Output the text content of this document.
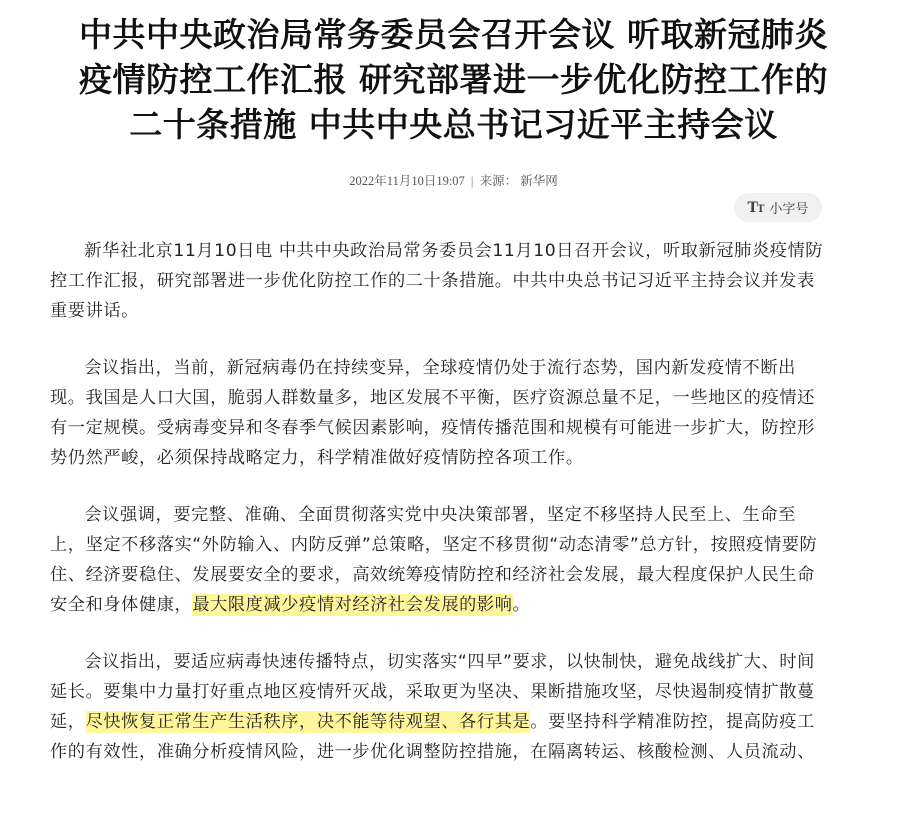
中共中央政治局常务委员会召开会议 听取新冠肺炎
疫情防控工作汇报 研究部署进一步优化防控工作的
二十条措施 中共中央总书记习近平主持会议
2022年11月10日19:07 | 来源： 新华网
TT 小字号

新华社北京11月10日电 中共中央政治局常务委员会11月10日召开会议，听取新冠肺炎疫情防
控工作汇报，研究部署进一步优化防控工作的二十条措施。中共中央总书记习近平主持会议并发表
重要讲话。

会议指出，当前，新冠病毒仍在持续变异，全球疫情仍处于流行态势，国内新发疫情不断出
现。我国是人口大国，脆弱人群数量多，地区发展不平衡，医疗资源总量不足，一些地区的疫情还
有一定规模。受病毒变异和冬春季气候因素影响，疫情传播范围和规模有可能进一步扩大，防控形
势仍然严峻，必须保持战略定力，科学精准做好疫情防控各项工作。

会议强调，要完整、准确、全面贯彻落实党中央决策部署，坚定不移坚持人民至上、生命至
上，坚定不移落实“外防输入、内防反弹”总策略，坚定不移贯彻“动态清零”总方针，按照疫情要防
住、经济要稳住、发展要安全的要求，高效统筹疫情防控和经济社会发展，最大程度保护人民生命
安全和身体健康，最大限度减少疫情对经济社会发展的影响。

会议指出，要适应病毒快速传播特点，切实落实“四早”要求，以快制快，避免战线扩大、时间
延长。要集中力量打好重点地区疫情歼灭战，采取更为坚决、果断措施攻坚，尽快遏制疫情扩散蔓
延，尽快恢复正常生产生活秩序，决不能等待观望、各行其是。要坚持科学精准防控，提高防疫工
作的有效性，准确分析疫情风险，进一步优化调整防控措施，在隔离转运、核酸检测、人员流动、
